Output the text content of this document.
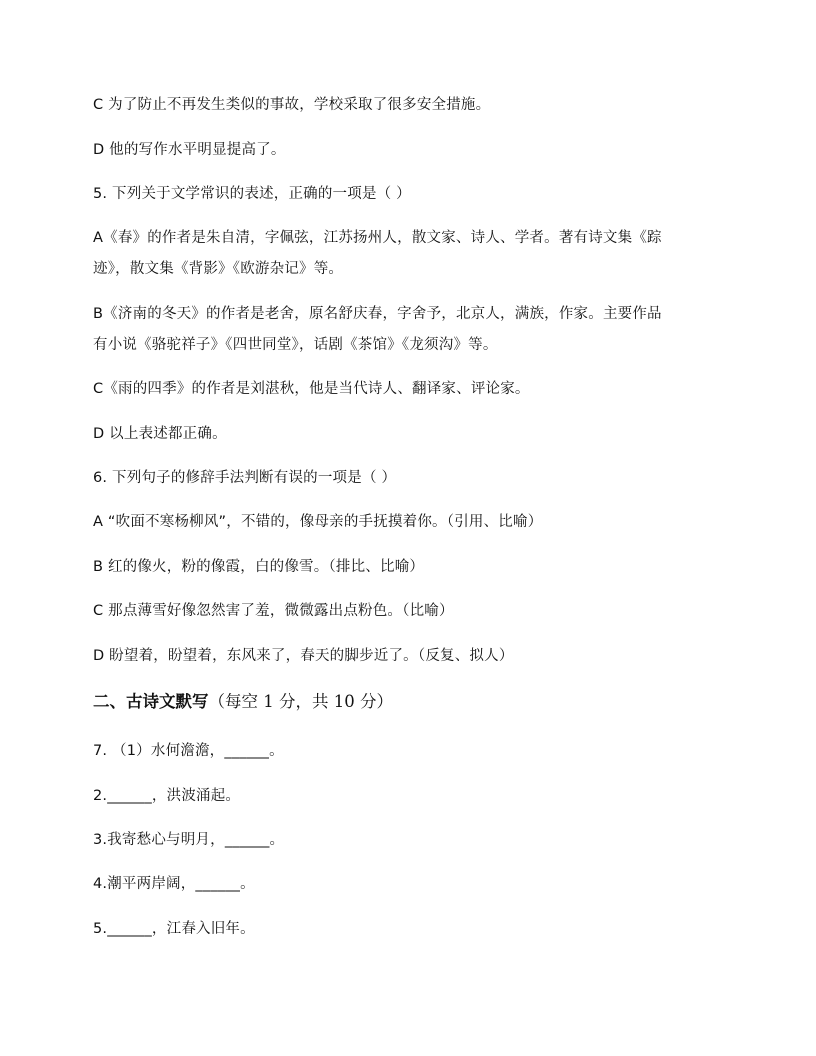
C 为了防止不再发生类似的事故，学校采取了很多安全措施。
D 他的写作水平明显提高了。
5. 下列关于文学常识的表述，正确的一项是（ ）
A《春》的作者是朱自清，字佩弦，江苏扬州人，散文家、诗人、学者。著有诗文集《踪
迹》，散文集《背影》《欧游杂记》等。
B《济南的冬天》的作者是老舍，原名舒庆春，字舍予，北京人，满族，作家。主要作品
有小说《骆驼祥子》《四世同堂》，话剧《茶馆》《龙须沟》等。
C《雨的四季》的作者是刘湛秋，他是当代诗人、翻译家、评论家。
D 以上表述都正确。
6. 下列句子的修辞手法判断有误的一项是（ ）
A “吹面不寒杨柳风”，不错的，像母亲的手抚摸着你。（引用、比喻）
B 红的像火，粉的像霞，白的像雪。（排比、比喻）
C 那点薄雪好像忽然害了羞，微微露出点粉色。（比喻）
D 盼望着，盼望着，东风来了，春天的脚步近了。（反复、拟人）
二、古诗文默写（每空 1 分，共 10 分）
7. （1）水何澹澹，______。
2.______，洪波涌起。
3.我寄愁心与明月，______。
4.潮平两岸阔，______。
5.______，江春入旧年。
